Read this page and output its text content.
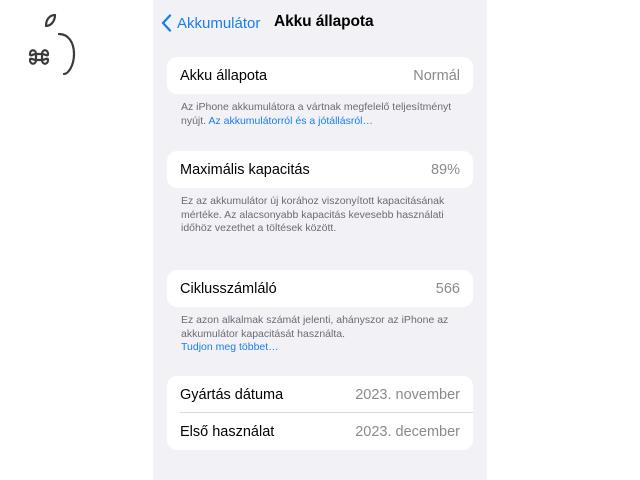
Akkumulátor Akku állapota
Akku állapota	Normál
Az iPhone akkumulátora a vártnak megfelelő teljesítményt nyújt. Az akkumulátorról és a jótállásról…
Maximális kapacitás	89%
Ez az akkumulátor új korához viszonyított kapacitásának mértéke. Az alacsonyabb kapacitás kevesebb használati időhöz vezethet a töltések között.
Ciklusszámláló	566
Ez azon alkalmak számát jelenti, ahányszor az iPhone az akkumulátor kapacitását használta.
Tudjon meg többet…
Gyártás dátuma	2023. november
Első használat	2023. december
